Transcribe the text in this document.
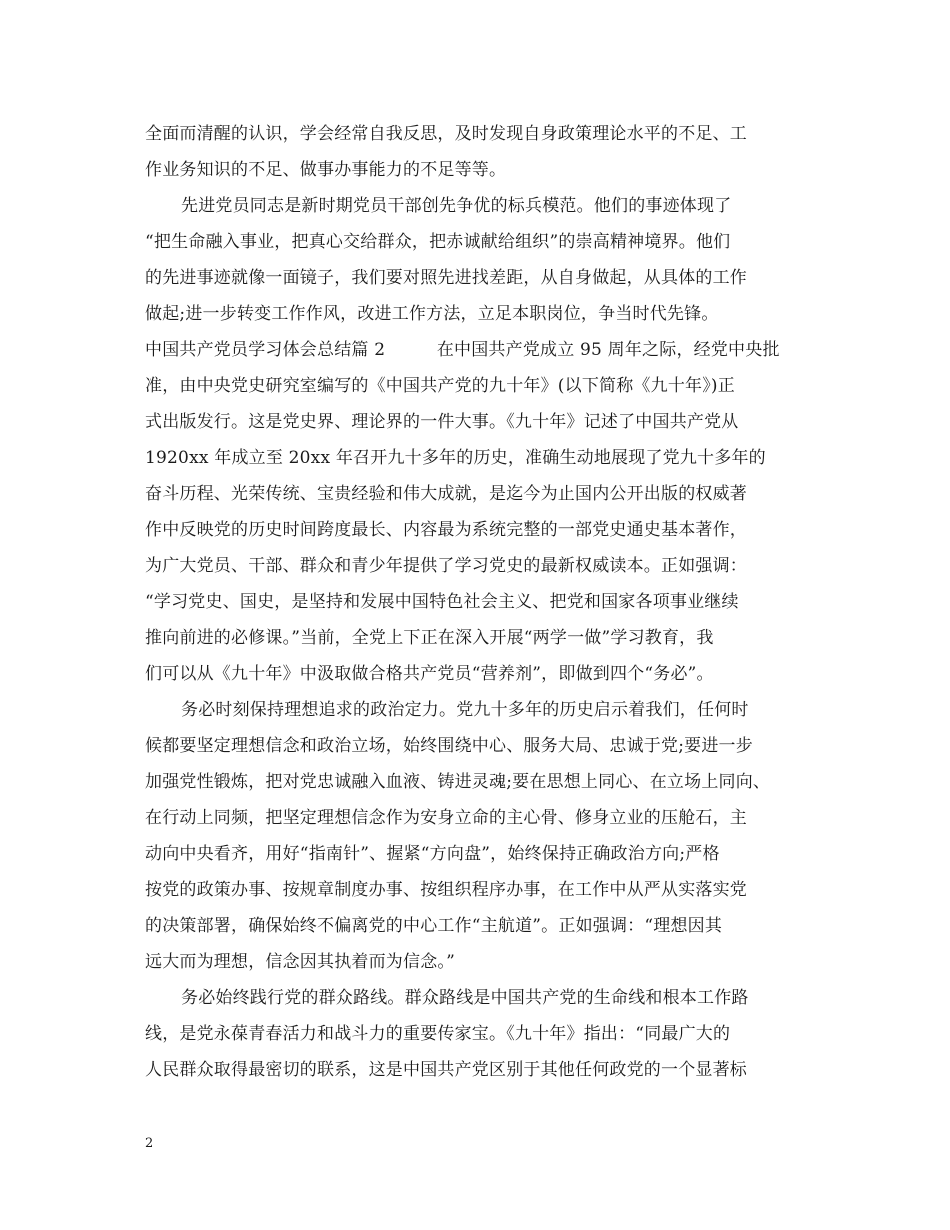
全面而清醒的认识，学会经常自我反思，及时发现自身政策理论水平的不足、工
作业务知识的不足、做事办事能力的不足等等。
先进党员同志是新时期党员干部创先争优的标兵模范。他们的事迹体现了
“把生命融入事业，把真心交给群众，把赤诚献给组织”的崇高精神境界。他们
的先进事迹就像一面镜子，我们要对照先进找差距，从自身做起，从具体的工作
做起;进一步转变工作作风，改进工作方法，立足本职岗位，争当时代先锋。
中国共产党员学习体会总结篇 2　　　在中国共产党成立 95 周年之际，经党中央批
准，由中央党史研究室编写的《中国共产党的九十年》(以下简称《九十年》)正
式出版发行。这是党史界、理论界的一件大事。《九十年》记述了中国共产党从
1920xx 年成立至 20xx 年召开九十多年的历史，准确生动地展现了党九十多年的
奋斗历程、光荣传统、宝贵经验和伟大成就，是迄今为止国内公开出版的权威著
作中反映党的历史时间跨度最长、内容最为系统完整的一部党史通史基本著作，
为广大党员、干部、群众和青少年提供了学习党史的最新权威读本。正如强调：
“学习党史、国史，是坚持和发展中国特色社会主义、把党和国家各项事业继续
推向前进的必修课。”当前，全党上下正在深入开展“两学一做”学习教育，我
们可以从《九十年》中汲取做合格共产党员“营养剂”，即做到四个“务必”。
务必时刻保持理想追求的政治定力。党九十多年的历史启示着我们，任何时
候都要坚定理想信念和政治立场，始终围绕中心、服务大局、忠诚于党;要进一步
加强党性锻炼，把对党忠诚融入血液、铸进灵魂;要在思想上同心、在立场上同向、
在行动上同频，把坚定理想信念作为安身立命的主心骨、修身立业的压舱石，主
动向中央看齐，用好“指南针”、握紧“方向盘”，始终保持正确政治方向;严格
按党的政策办事、按规章制度办事、按组织程序办事，在工作中从严从实落实党
的决策部署，确保始终不偏离党的中心工作“主航道”。正如强调：“理想因其
远大而为理想，信念因其执着而为信念。”
务必始终践行党的群众路线。群众路线是中国共产党的生命线和根本工作路
线，是党永葆青春活力和战斗力的重要传家宝。《九十年》指出：“同最广大的
人民群众取得最密切的联系，这是中国共产党区别于其他任何政党的一个显著标
2
